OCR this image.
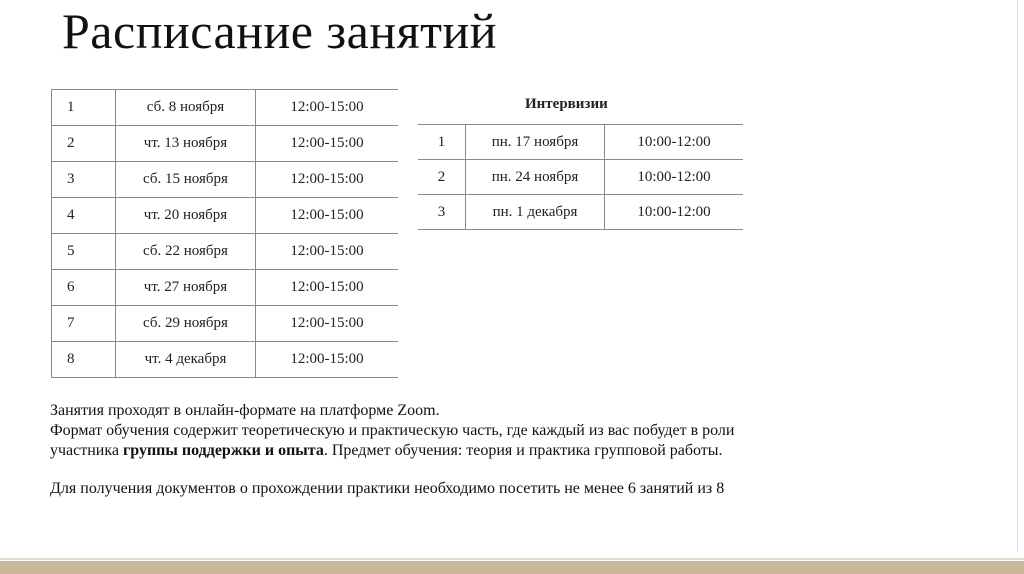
Расписание занятий
1	сб. 8 ноября	12:00-15:00
2	чт. 13 ноября	12:00-15:00
3	сб. 15 ноября	12:00-15:00
4	чт. 20 ноября	12:00-15:00
5	сб. 22 ноября	12:00-15:00
6	чт. 27 ноября	12:00-15:00
7	сб. 29 ноября	12:00-15:00
8	чт. 4 декабря	12:00-15:00
Интервизии
1	пн. 17 ноября	10:00-12:00
2	пн. 24 ноября	10:00-12:00
3	пн. 1 декабря	10:00-12:00

Занятия проходят в онлайн-формате на платформе Zoom.

Формат обучения содержит теоретическую и практическую часть, где каждый из вас побудет в роли

участника группы поддержки и опыта. Предмет обучения: теория и практика групповой работы.

Для получения документов о прохождении практики необходимо посетить не менее 6 занятий из 8
